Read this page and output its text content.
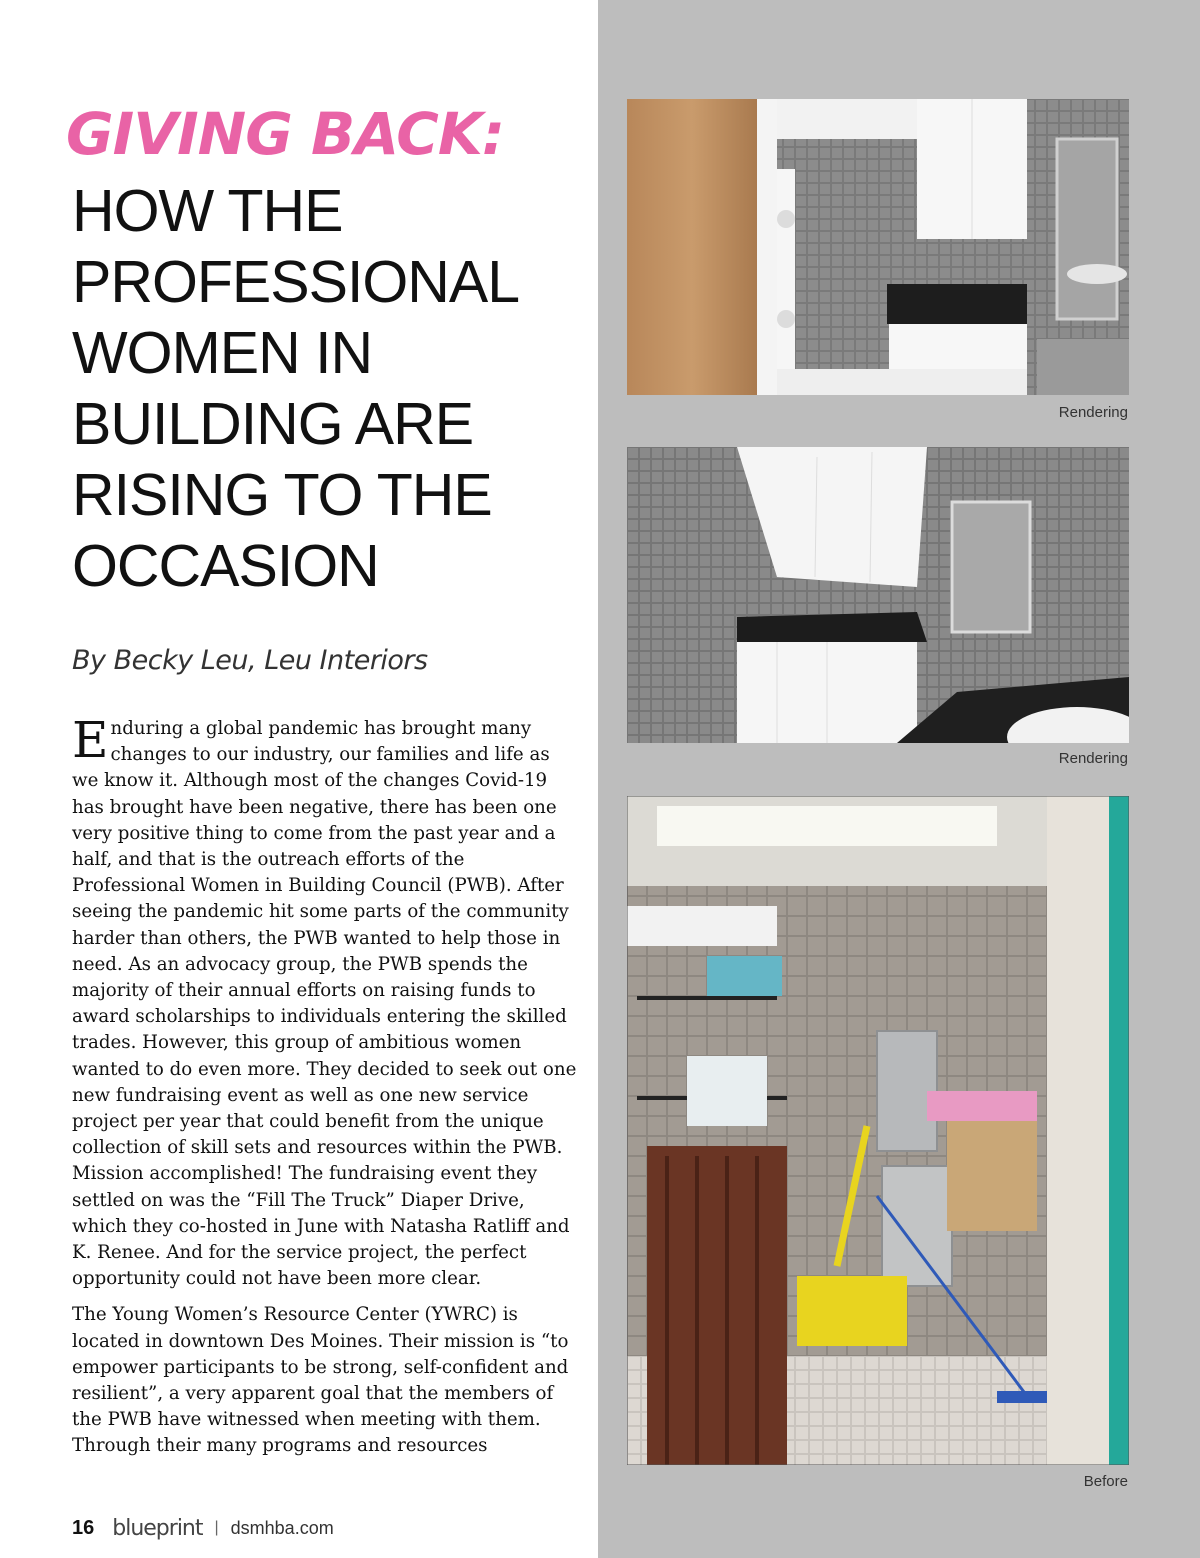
GIVING BACK:
HOW THE
PROFESSIONAL
WOMEN IN
BUILDING ARE
RISING TO THE
OCCASION
By Becky Leu, Leu Interiors

Enduring a global pandemic has brought many changes to our industry, our families and life as we know it. Although most of the changes Covid-19 has brought have been negative, there has been one very positive thing to come from the past year and a half, and that is the outreach efforts of the Professional Women in Building Council (PWB). After seeing the pandemic hit some parts of the community harder than others, the PWB wanted to help those in need. As an advocacy group, the PWB spends the majority of their annual efforts on raising funds to award scholarships to individuals entering the skilled trades. However, this group of ambitious women wanted to do even more. They decided to seek out one new fundraising event as well as one new service project per year that could benefit from the unique collection of skill sets and resources within the PWB. Mission accomplished! The fundraising event they settled on was the “Fill The Truck” Diaper Drive, which they co-hosted in June with Natasha Ratliff and K. Renee. And for the service project, the perfect opportunity could not have been more clear.

The Young Women’s Resource Center (YWRC) is located in downtown Des Moines. Their mission is “to empower participants to be strong, self-confident and resilient”, a very apparent goal that the members of the PWB have witnessed when meeting with them. Through their many programs and resources

Rendering
Rendering
Before
16 blueprint | dsmhba.com
